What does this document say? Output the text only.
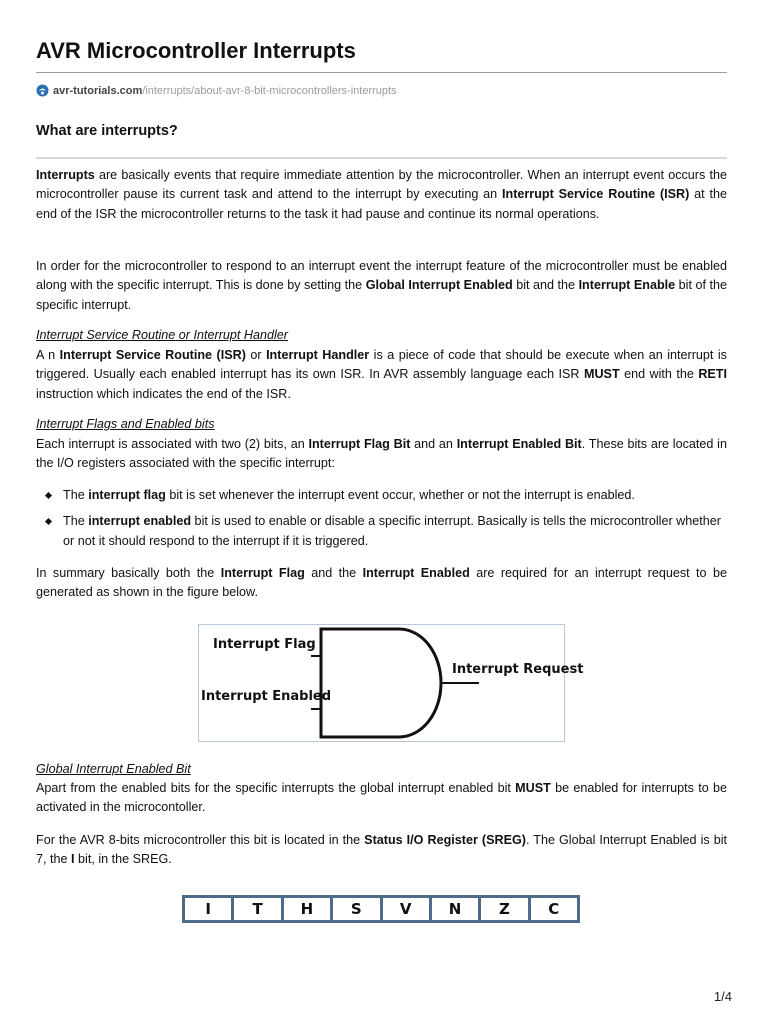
AVR Microcontroller Interrupts
avr-tutorials.com /interrupts/about-avr-8-bit-microcontrollers-interrupts
What are interrupts?

Interrupts are basically events that require immediate attention by the microcontroller. When an interrupt event occurs the microcontroller pause its current task and attend to the interrupt by executing an Interrupt Service Routine (ISR) at the end of the ISR the microcontroller returns to the task it had pause and continue its normal operations.

In order for the microcontroller to respond to an interrupt event the interrupt feature of the microcontroller must be enabled along with the specific interrupt. This is done by setting the Global Interrupt Enabled bit and the Interrupt Enable bit of the specific interrupt.

Interrupt Service Routine or Interrupt Handler

A n Interrupt Service Routine (ISR) or Interrupt Handler is a piece of code that should be execute when an interrupt is triggered. Usually each enabled interrupt has its own ISR. In AVR assembly language each ISR MUST end with the RETI instruction which indicates the end of the ISR.

Interrupt Flags and Enabled bits

Each interrupt is associated with two (2) bits, an Interrupt Flag Bit and an Interrupt Enabled Bit. These bits are located in the I/O registers associated with the specific interrupt:

The interrupt flag bit is set whenever the interrupt event occur, whether or not the interrupt is enabled.
The interrupt enabled bit is used to enable or disable a specific interrupt. Basically is tells the microcontroller whether or not it should respond to the interrupt if it is triggered.

In summary basically both the Interrupt Flag and the Interrupt Enabled are required for an interrupt request to be generated as shown in the figure below.

Interrupt Flag
Interrupt Enabled
Interrupt Request

Global Interrupt Enabled Bit

Apart from the enabled bits for the specific interrupts the global interrupt enabled bit MUST be enabled for interrupts to be activated in the microcontoller.

For the AVR 8-bits microcontroller this bit is located in the Status I/O Register (SREG). The Global Interrupt Enabled is bit 7, the I bit, in the SREG.

I	T	H	S	V	N	Z	C
1/4
